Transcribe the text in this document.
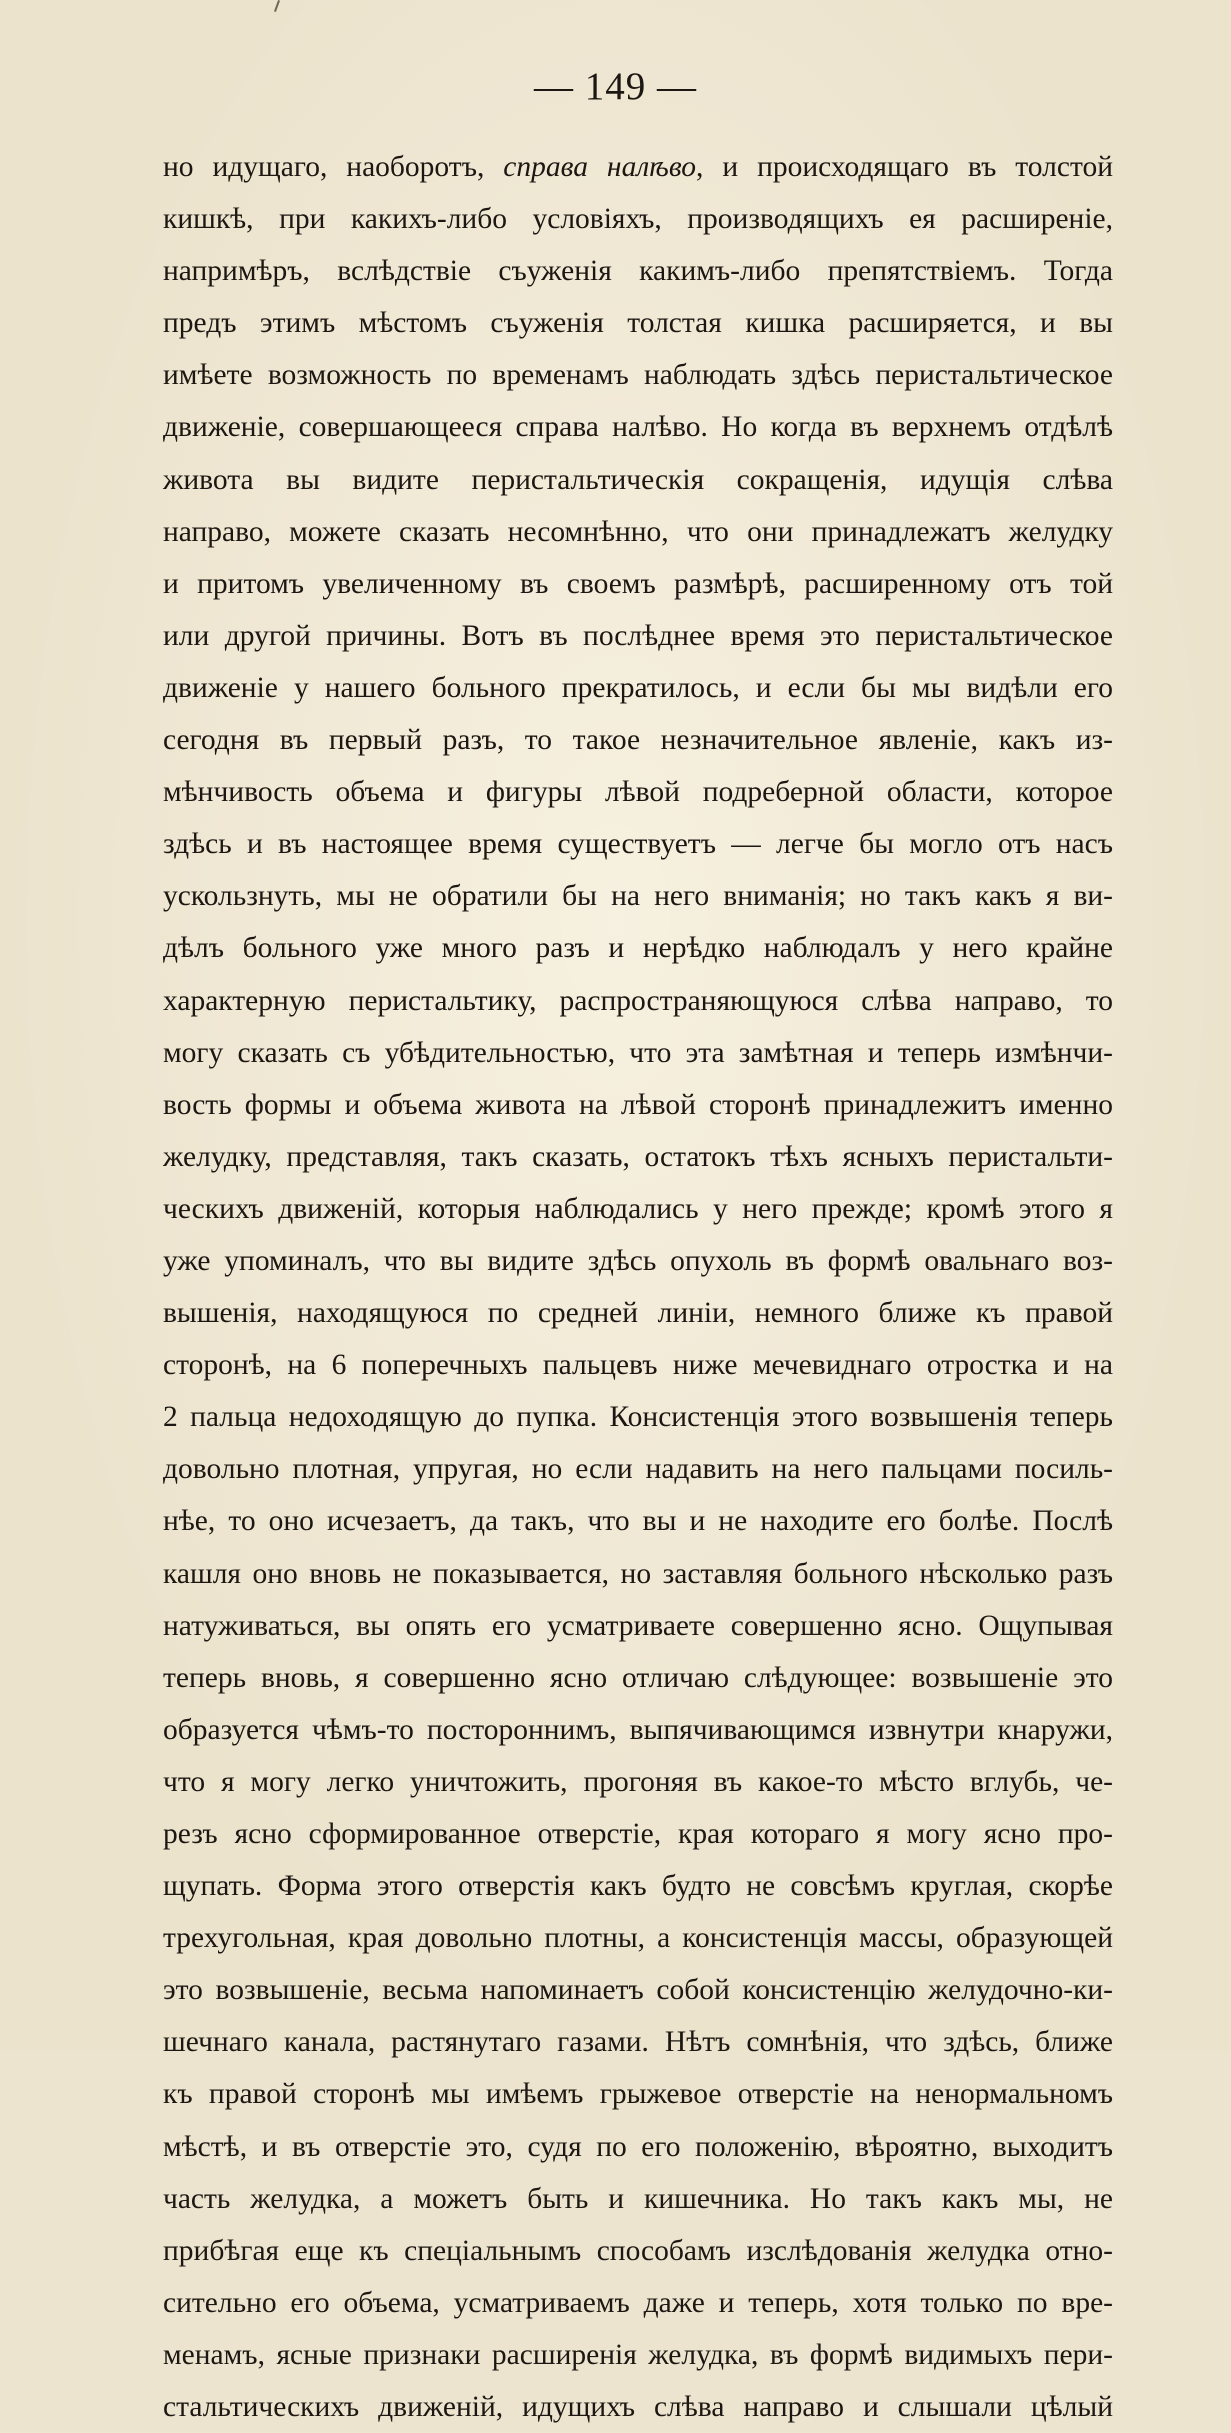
— 149 —
но идущаго, наоборотъ, справа налѣво, и происходящаго въ толстой
кишкѣ, при какихъ-либо условіяхъ, производящихъ ея расширеніе,
напримѣръ, вслѣдствіе съуженія какимъ-либо препятствіемъ. Тогда
предъ этимъ мѣстомъ съуженія толстая кишка расширяется, и вы
имѣете возможность по временамъ наблюдать здѣсь перистальтическое
движеніе, совершающееся справа налѣво. Но когда въ верхнемъ отдѣлѣ
живота вы видите перистальтическія сокращенія, идущія слѣва
направо, можете сказать несомнѣнно, что они принадлежатъ желудку
и притомъ увеличенному въ своемъ размѣрѣ, расширенному отъ той
или другой причины. Вотъ въ послѣднее время это перистальтическое
движеніе у нашего больного прекратилось, и если бы мы видѣли его
сегодня въ первый разъ, то такое незначительное явленіе, какъ из-
мѣнчивость объема и фигуры лѣвой подреберной области, которое
здѣсь и въ настоящее время существуетъ — легче бы могло отъ насъ
ускользнуть, мы не обратили бы на него вниманія; но такъ какъ я ви-
дѣлъ больного уже много разъ и нерѣдко наблюдалъ у него крайне
характерную перистальтику, распространяющуюся слѣва направо, то
могу сказать съ убѣдительностью, что эта замѣтная и теперь измѣнчи-
вость формы и объема живота на лѣвой сторонѣ принадлежитъ именно
желудку, представляя, такъ сказать, остатокъ тѣхъ ясныхъ перистальти-
ческихъ движеній, которыя наблюдались у него прежде; кромѣ этого я
уже упоминалъ, что вы видите здѣсь опухоль въ формѣ овальнаго воз-
вышенія, находящуюся по средней линіи, немного ближе къ правой
сторонѣ, на 6 поперечныхъ пальцевъ ниже мечевиднаго отростка и на
2 пальца недоходящую до пупка. Консистенція этого возвышенія теперь
довольно плотная, упругая, но если надавить на него пальцами посиль-
нѣе, то оно исчезаетъ, да такъ, что вы и не находите его болѣе. Послѣ
кашля оно вновь не показывается, но заставляя больного нѣсколько разъ
натуживаться, вы опять его усматриваете совершенно ясно. Ощупывая
теперь вновь, я совершенно ясно отличаю слѣдующее: возвышеніе это
образуется чѣмъ-то постороннимъ, выпячивающимся извнутри кнаружи,
что я могу легко уничтожить, прогоняя въ какое-то мѣсто вглубь, че-
резъ ясно сформированное отверстіе, края котораго я могу ясно про-
щупать. Форма этого отверстія какъ будто не совсѣмъ круглая, скорѣе
трехугольная, края довольно плотны, а консистенція массы, образующей
это возвышеніе, весьма напоминаетъ собой консистенцію желудочно-ки-
шечнаго канала, растянутаго газами. Нѣтъ сомнѣнія, что здѣсь, ближе
къ правой сторонѣ мы имѣемъ грыжевое отверстіе на ненормальномъ
мѣстѣ, и въ отверстіе это, судя по его положенію, вѣроятно, выходитъ
часть желудка, а можетъ быть и кишечника. Но такъ какъ мы, не
прибѣгая еще къ спеціальнымъ способамъ изслѣдованія желудка отно-
сительно его объема, усматриваемъ даже и теперь, хотя только по вре-
менамъ, ясные признаки расширенія желудка, въ формѣ видимыхъ пери-
стальтическихъ движеній, идущихъ слѣва направо и слышали цѣлый
